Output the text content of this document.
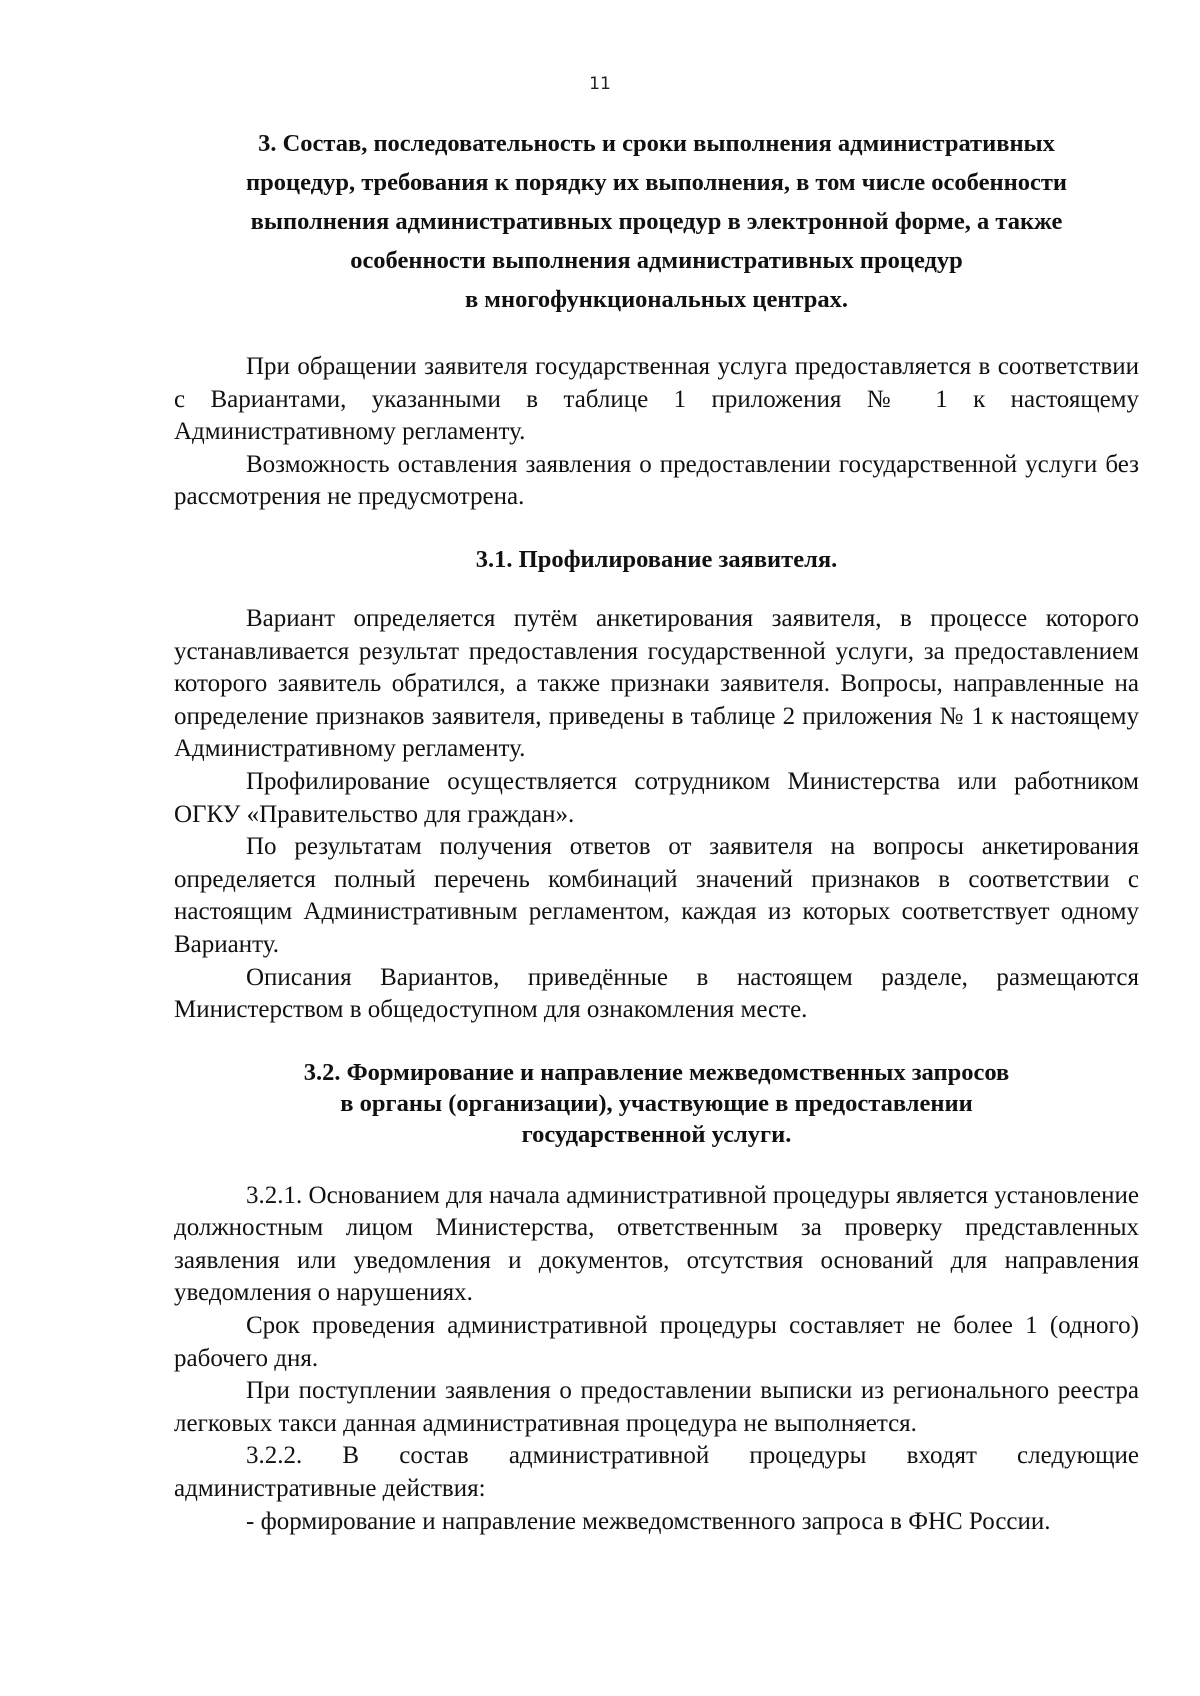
11
3. Состав, последовательность и сроки выполнения административных
процедур, требования к порядку их выполнения, в том числе особенности
выполнения административных процедур в электронной форме, а также
особенности выполнения административных процедур
в многофункциональных центрах.

При обращении заявителя государственная услуга предоставляется в соответствии с Вариантами, указанными в таблице 1 приложения № 1 к настоящему Административному регламенту.

Возможность оставления заявления о предоставлении государственной услуги без рассмотрения не предусмотрена.

3.1. Профилирование заявителя.

Вариант определяется путём анкетирования заявителя, в процессе которого устанавливается результат предоставления государственной услуги, за предоставлением которого заявитель обратился, а также признаки заявителя. Вопросы, направленные на определение признаков заявителя, приведены в таблице 2 приложения № 1 к настоящему Административному регламенту.

Профилирование осуществляется сотрудником Министерства или работником ОГКУ «Правительство для граждан».

По результатам получения ответов от заявителя на вопросы анкетирования определяется полный перечень комбинаций значений признаков в соответствии с настоящим Административным регламентом, каждая из которых соответствует одному Варианту.

Описания Вариантов, приведённые в настоящем разделе, размещаются Министерством в общедоступном для ознакомления месте.

3.2. Формирование и направление межведомственных запросов
в органы (организации), участвующие в предоставлении
государственной услуги.

3.2.1. Основанием для начала административной процедуры является установление должностным лицом Министерства, ответственным за проверку представленных заявления или уведомления и документов, отсутствия оснований для направления уведомления о нарушениях.

Срок проведения административной процедуры составляет не более 1 (одного) рабочего дня.

При поступлении заявления о предоставлении выписки из регионального реестра легковых такси данная административная процедура не выполняется.

3.2.2. В состав административной процедуры входят следующие административные действия:

- формирование и направление межведомственного запроса в ФНС России.
